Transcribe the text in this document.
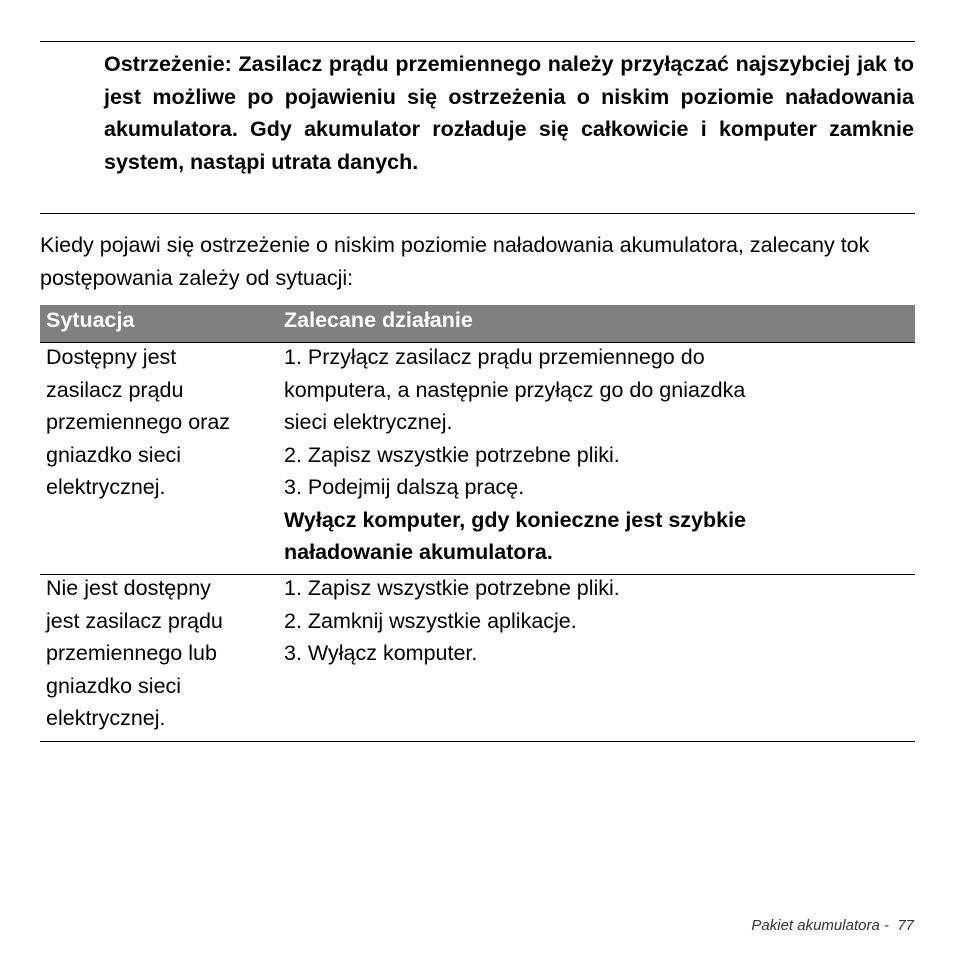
Ostrzeżenie: Zasilacz prądu przemiennego należy przyłączać najszybciej jak to jest możliwe po pojawieniu się ostrzeżenia o niskim poziomie naładowania akumulatora. Gdy akumulator rozładuje się całkowicie i komputer zamknie system, nastąpi utrata danych.
Kiedy pojawi się ostrzeżenie o niskim poziomie naładowania akumulatora, zalecany tok postępowania zależy od sytuacji:
Sytuacja	Zalecane działanie
Dostępny jest
zasilacz prądu
przemiennego oraz
gniazdko sieci
elektrycznej.
1. Przyłącz zasilacz prądu przemiennego do
komputera, a następnie przyłącz go do gniazdka
sieci elektrycznej.
2. Zapisz wszystkie potrzebne pliki.
3. Podejmij dalszą pracę.
Wyłącz komputer, gdy konieczne jest szybkie
naładowanie akumulatora.
Nie jest dostępny
jest zasilacz prądu
przemiennego lub
gniazdko sieci
elektrycznej.
1. Zapisz wszystkie potrzebne pliki.
2. Zamknij wszystkie aplikacje.
3. Wyłącz komputer.
Pakiet akumulatora - 77
